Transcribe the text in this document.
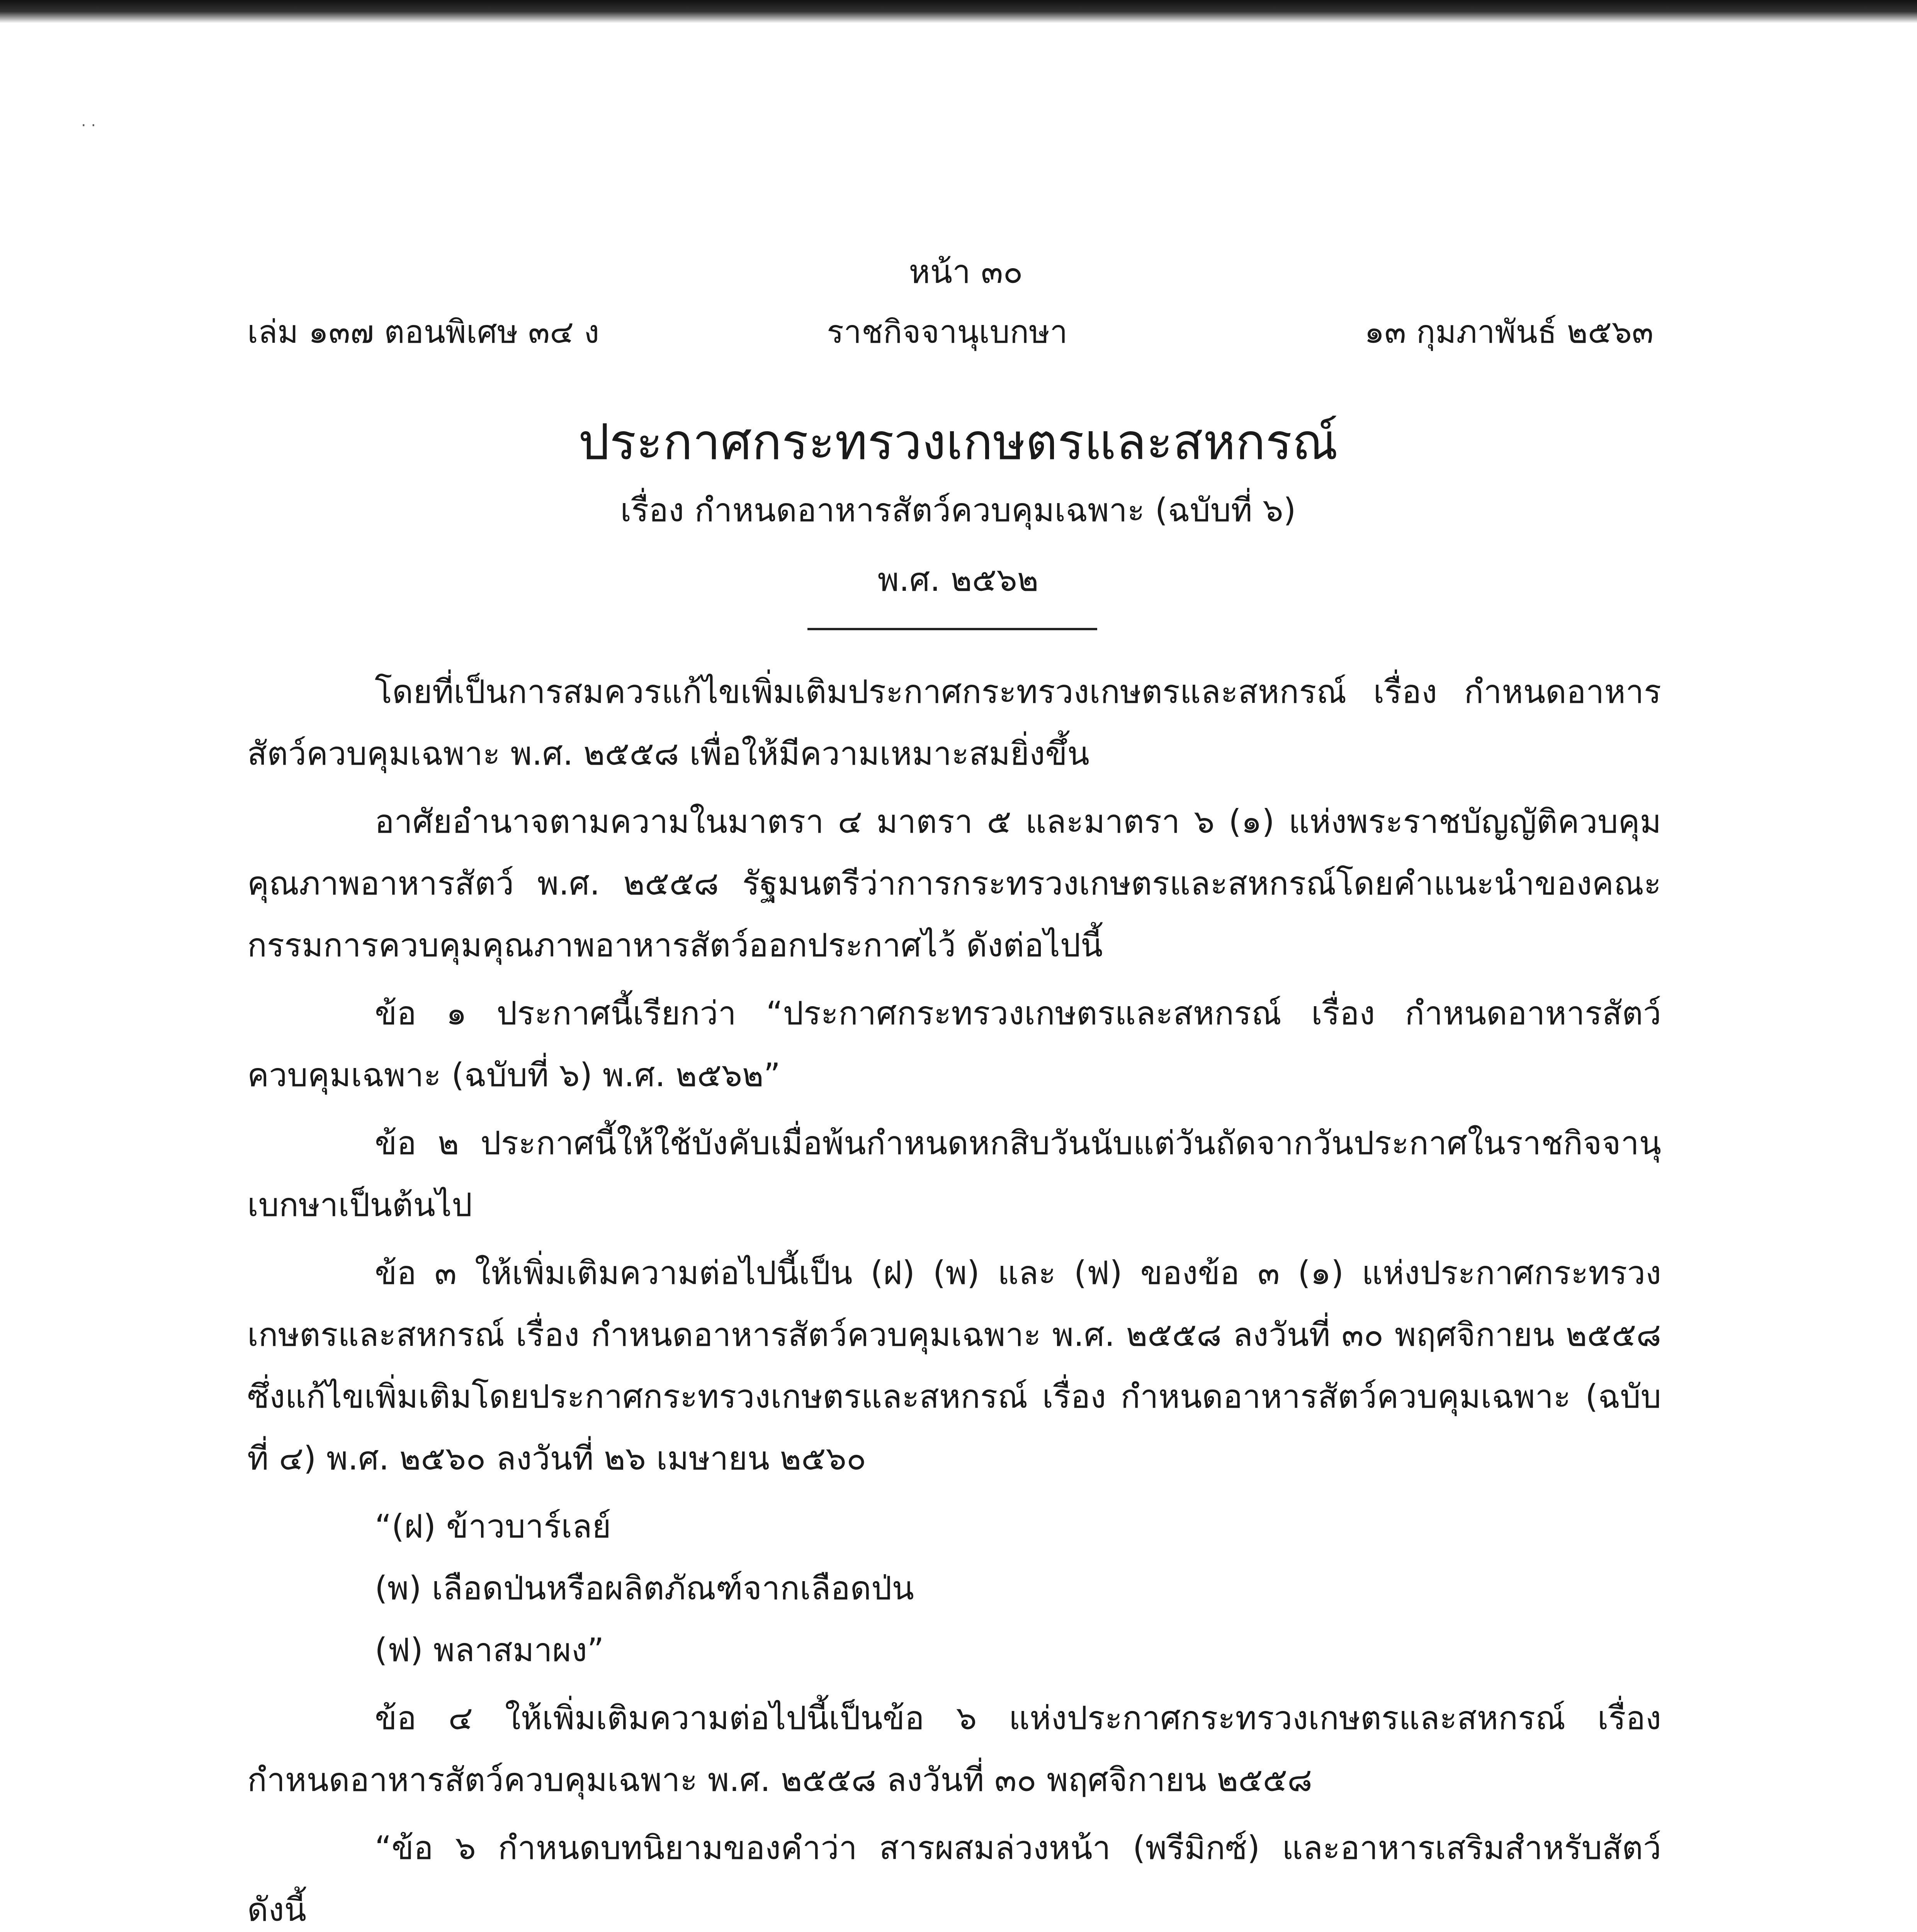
· ·
หน้า ๓๐
เล่ม ๑๓๗ ตอนพิเศษ ๓๔ ง	ราชกิจจานุเบกษา	๑๓ กุมภาพันธ์ ๒๕๖๓
ประกาศกระทรวงเกษตรและสหกรณ์
เรื่อง กำหนดอาหารสัตว์ควบคุมเฉพาะ (ฉบับที่ ๖)
พ.ศ. ๒๕๖๒

โดยที่เป็นการสมควรแก้ไขเพิ่มเติมประกาศกระทรวงเกษตรและสหกรณ์ เรื่อง กำหนดอาหารสัตว์ควบคุมเฉพาะ พ.ศ. ๒๕๕๘ เพื่อให้มีความเหมาะสมยิ่งขึ้น

อาศัยอำนาจตามความในมาตรา ๔ มาตรา ๕ และมาตรา ๖ (๑) แห่งพระราชบัญญัติควบคุมคุณภาพอาหารสัตว์ พ.ศ. ๒๕๕๘ รัฐมนตรีว่าการกระทรวงเกษตรและสหกรณ์โดยคำแนะนำของคณะกรรมการควบคุมคุณภาพอาหารสัตว์ออกประกาศไว้ ดังต่อไปนี้

ข้อ ๑ ประกาศนี้เรียกว่า “ประกาศกระทรวงเกษตรและสหกรณ์ เรื่อง กำหนดอาหารสัตว์ควบคุมเฉพาะ (ฉบับที่ ๖) พ.ศ. ๒๕๖๒”

ข้อ ๒ ประกาศนี้ให้ใช้บังคับเมื่อพ้นกำหนดหกสิบวันนับแต่วันถัดจากวันประกาศในราชกิจจานุเบกษาเป็นต้นไป

ข้อ ๓ ให้เพิ่มเติมความต่อไปนี้เป็น (ฝ) (พ) และ (ฟ) ของข้อ ๓ (๑) แห่งประกาศกระทรวงเกษตรและสหกรณ์ เรื่อง กำหนดอาหารสัตว์ควบคุมเฉพาะ พ.ศ. ๒๕๕๘ ลงวันที่ ๓๐ พฤศจิกายน ๒๕๕๘ ซึ่งแก้ไขเพิ่มเติมโดยประกาศกระทรวงเกษตรและสหกรณ์ เรื่อง กำหนดอาหารสัตว์ควบคุมเฉพาะ (ฉบับที่ ๔) พ.ศ. ๒๕๖๐ ลงวันที่ ๒๖ เมษายน ๒๕๖๐

“(ฝ) ข้าวบาร์เลย์

(พ) เลือดป่นหรือผลิตภัณฑ์จากเลือดป่น

(ฟ) พลาสมาผง”

ข้อ ๔ ให้เพิ่มเติมความต่อไปนี้เป็นข้อ ๖ แห่งประกาศกระทรวงเกษตรและสหกรณ์ เรื่อง กำหนดอาหารสัตว์ควบคุมเฉพาะ พ.ศ. ๒๕๕๘ ลงวันที่ ๓๐ พฤศจิกายน ๒๕๕๘

“ข้อ ๖ กำหนดบทนิยามของคำว่า สารผสมล่วงหน้า (พรีมิกซ์) และอาหารเสริมสำหรับสัตว์ดังนี้
